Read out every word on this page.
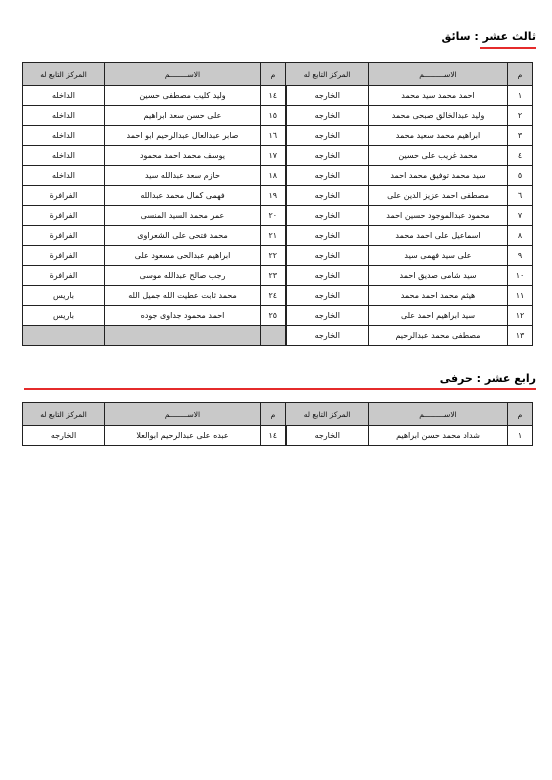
ثالث عشر : سائق
م	الاســـــــــم	المركز التابع له	م	الاســــــــم	المركز التابع له
١	احمد محمد سيد محمد	الخارجه	١٤	وليد كليب مصطفى حسين	الداخله
٢	وليد عبدالخالق صبحى محمد	الخارجه	١٥	على حسن سعد ابراهيم	الداخله
٣	ابراهيم محمد سعيد محمد	الخارجه	١٦	صابر عبدالعال عبدالرحيم ابو احمد	الداخله
٤	محمد غريب على حسين	الخارجه	١٧	يوسف محمد احمد محمود	الداخله
٥	سيد محمد توفيق محمد احمد	الخارجه	١٨	حازم سعد عبدالله سيد	الداخله
٦	مصطفى احمد عزيز الدين على	الخارجه	١٩	فهمى كمال محمد عبدالله	الفرافرة
٧	محمود عبدالموجود حسين احمد	الخارجه	٢٠	عمر محمد السيد المنسى	الفرافرة
٨	اسماعيل على احمد محمد	الخارجه	٢١	محمد فتحى على الشعراوى	الفرافرة
٩	على سيد فهمى سيد	الخارجه	٢٢	ابراهيم عبدالحى مسعود على	الفرافرة
١٠	سيد شامى صديق احمد	الخارجه	٢٣	رجب صالح عبدالله موسى	الفرافرة
١١	هيثم محمد احمد محمد	الخارجه	٢٤	محمد ثابت عطيت الله جميل الله	باريس
١٢	سيد ابراهيم احمد على	الخارجه	٢٥	احمد محمود جداوى جوده	باريس
١٣	مصطفى محمد عبدالرحيم	الخارجه			
رابع عشر : حرفى
م	الاســـــــــم	المركز التابع له	م	الاســــــــم	المركز التابع له
١	شداد محمد حسن ابراهيم	الخارجه	١٤	عبده على عبدالرحيم ابوالعلا	الخارجه
